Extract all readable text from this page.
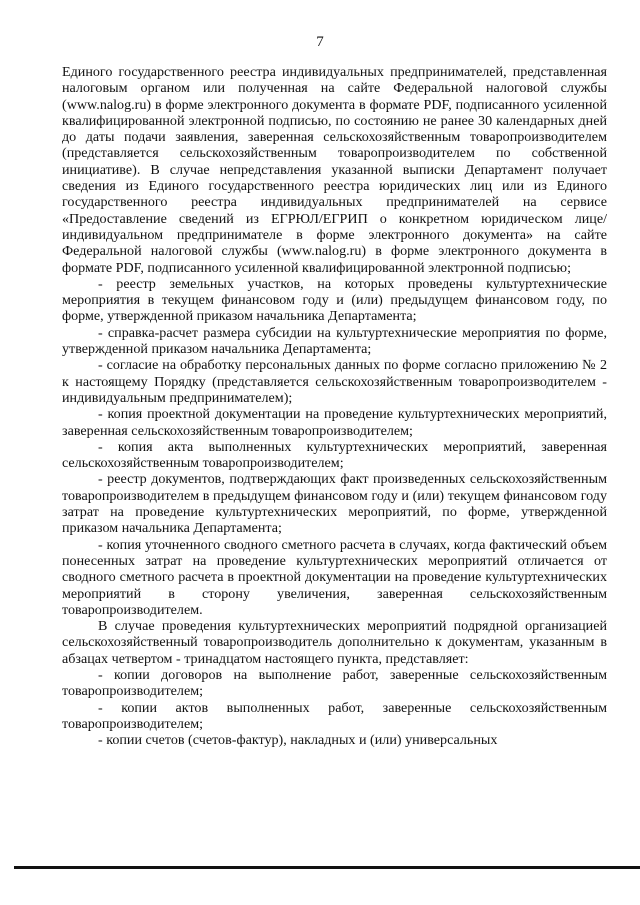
7

Единого государственного реестра индивидуальных предпринимателей, представленная налоговым органом или полученная на сайте Федеральной налоговой службы (www.nalog.ru) в форме электронного документа в формате PDF, подписанного усиленной квалифицированной электронной подписью, по состоянию не ранее 30 календарных дней до даты подачи заявления, заверенная сельскохозяйственным товаропроизводителем (представляется сельскохозяйственным товаропроизводителем по собственной инициативе). В случае непредставления указанной выписки Департамент получает сведения из Единого государственного реестра юридических лиц или из Единого государственного реестра индивидуальных предпринимателей на сервисе «Предоставление сведений из ЕГРЮЛ/ЕГРИП о конкретном юридическом лице/индивидуальном предпринимателе в форме электронного документа» на сайте Федеральной налоговой службы (www.nalog.ru) в форме электронного документа в формате PDF, подписанного усиленной квалифицированной электронной подписью;

- реестр земельных участков, на которых проведены культуртехнические мероприятия в текущем финансовом году и (или) предыдущем финансовом году, по форме, утвержденной приказом начальника Департамента;

- справка-расчет размера субсидии на культуртехнические мероприятия по форме, утвержденной приказом начальника Департамента;

- согласие на обработку персональных данных по форме согласно приложению № 2 к настоящему Порядку (представляется сельскохозяйственным товаропроизводителем - индивидуальным предпринимателем);

- копия проектной документации на проведение культуртехнических мероприятий, заверенная сельскохозяйственным товаропроизводителем;

- копия акта выполненных культуртехнических мероприятий, заверенная сельскохозяйственным товаропроизводителем;

- реестр документов, подтверждающих факт произведенных сельскохозяйственным товаропроизводителем в предыдущем финансовом году и (или) текущем финансовом году затрат на проведение культуртехнических мероприятий, по форме, утвержденной приказом начальника Департамента;

- копия уточненного сводного сметного расчета в случаях, когда фактический объем понесенных затрат на проведение культуртехнических мероприятий отличается от сводного сметного расчета в проектной документации на проведение культуртехнических мероприятий в сторону увеличения, заверенная сельскохозяйственным товаропроизводителем.

В случае проведения культуртехнических мероприятий подрядной организацией сельскохозяйственный товаропроизводитель дополнительно к документам, указанным в абзацах четвертом - тринадцатом настоящего пункта, представляет:

- копии договоров на выполнение работ, заверенные сельскохозяйственным товаропроизводителем;

- копии актов выполненных работ, заверенные сельскохозяйственным товаропроизводителем;

- копии счетов (счетов-фактур), накладных и (или) универсальных
